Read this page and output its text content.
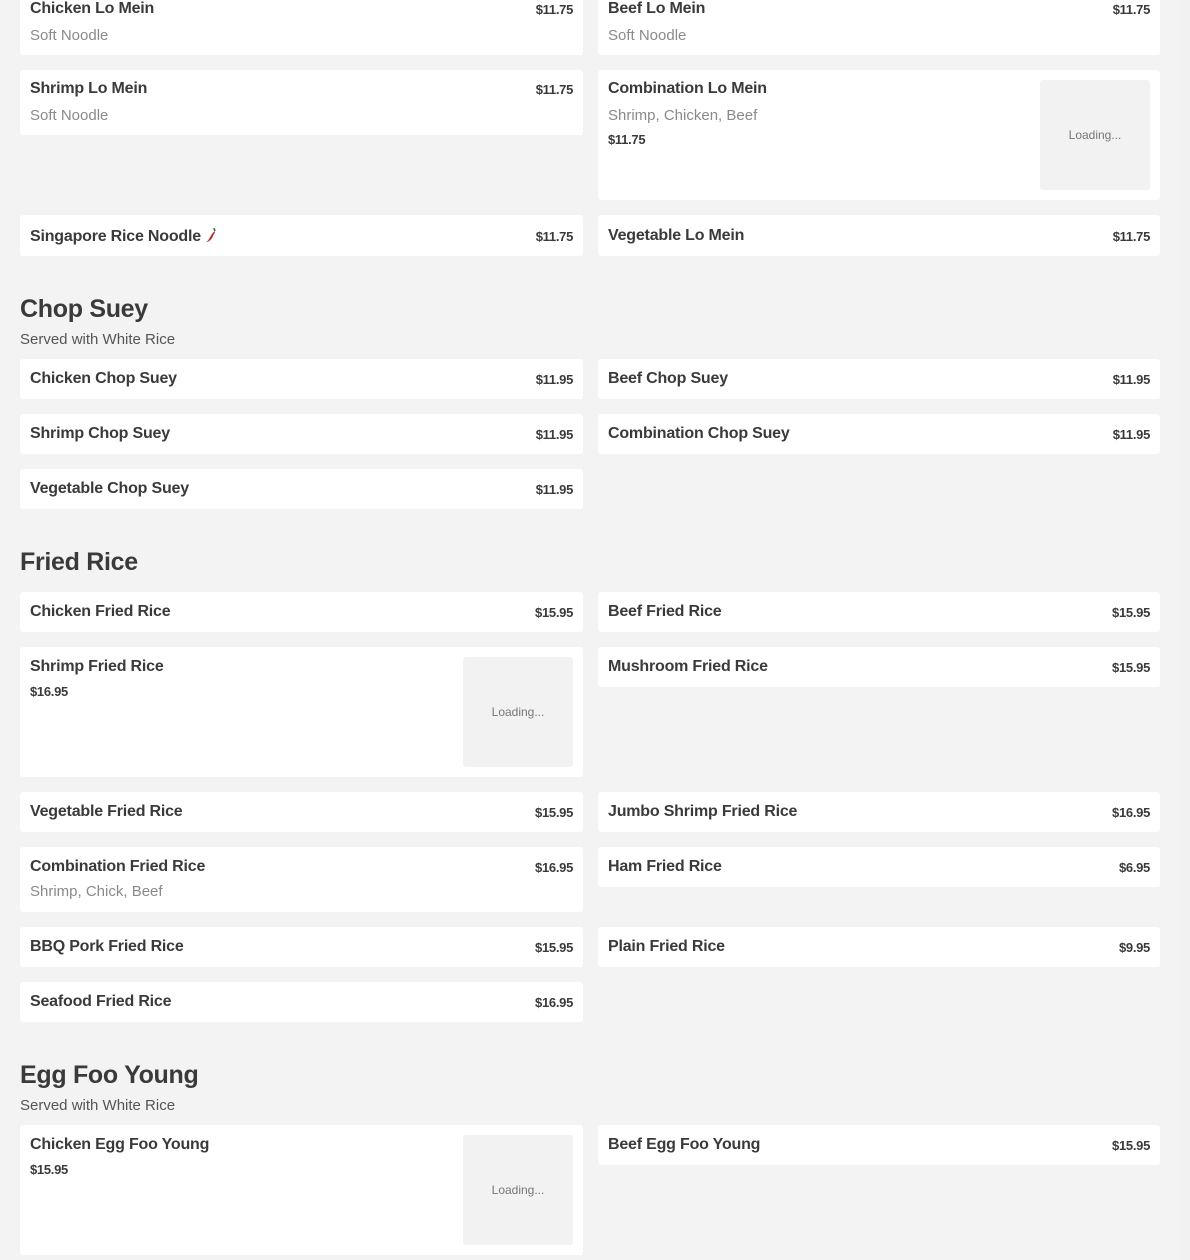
Chicken Lo Mein	$11.75
Soft Noodle
Beef Lo Mein	$11.75
Soft Noodle
Shrimp Lo Mein	$11.75
Soft Noodle
Combination Lo Mein
Shrimp, Chicken, Beef
$11.75	Loading...
Singapore Rice Noodle	$11.75 Vegetable Lo Mein	$11.75
Chop Suey
Served with White Rice
Chicken Chop Suey	$11.95 Beef Chop Suey	$11.95
Shrimp Chop Suey	$11.95 Combination Chop Suey	$11.95
Vegetable Chop Suey	$11.95
Fried Rice
Chicken Fried Rice	$15.95 Beef Fried Rice	$15.95
Shrimp Fried Rice
$16.95
Loading...
Mushroom Fried Rice	$15.95
Vegetable Fried Rice	$15.95 Jumbo Shrimp Fried Rice	$16.95
Combination Fried Rice	$16.95
Shrimp, Chick, Beef
Ham Fried Rice	$6.95
BBQ Pork Fried Rice	$15.95 Plain Fried Rice	$9.95
Seafood Fried Rice	$16.95
Egg Foo Young
Served with White Rice
Chicken Egg Foo Young
$15.95
Loading...
Beef Egg Foo Young	$15.95
